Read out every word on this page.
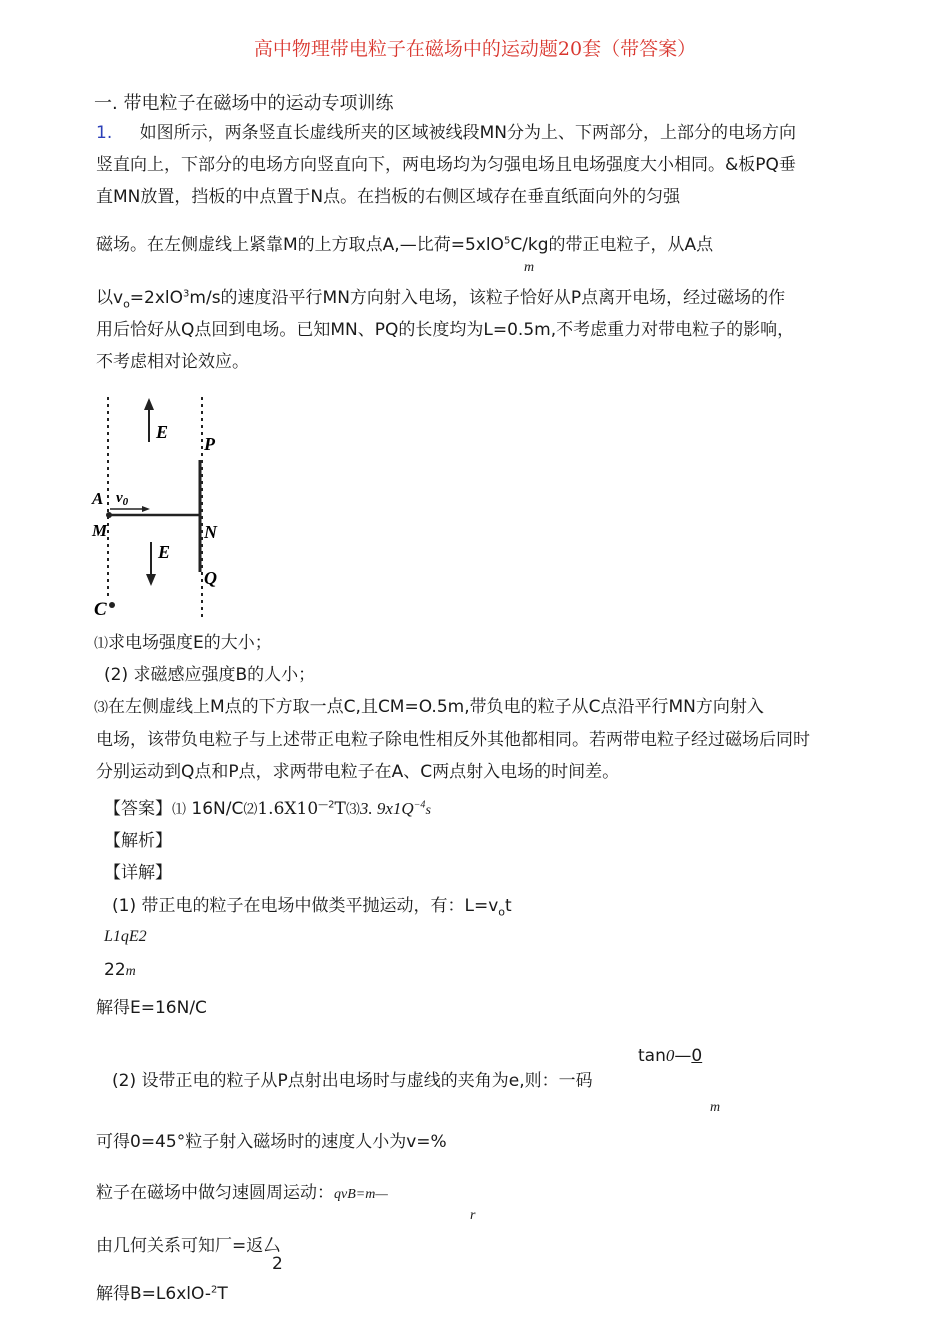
高中物理带电粒子在磁场中的运动题20套（带答案）
一. 带电粒子在磁场中的运动专项训练
1. 如图所示，两条竖直长虚线所夹的区域被线段MN分为上、下两部分，上部分的电场方向
竖直向上，下部分的电场方向竖直向下，两电场均为匀强电场且电场强度大小相同。&板PQ垂
直MN放置，挡板的中点置于N点。在挡板的右侧区域存在垂直纸面向外的匀强
磁场。在左侧虚线上紧靠M的上方取点A,—比荷=5xlO$^5$C/kg的带正电粒子，从A点
m
以$v_o=2xlO^3m/s$的速度沿平行MN方向射入电场，该粒子恰好从P点离开电场，经过磁场的作
用后恰好从Q点回到电场。已知MN、PQ的长度均为L=0.5m,不考虑重力对带电粒子的影响，
不考虑相对论效应。
E
P
A $v_0$
M	N
E
Q
C
⑴求电场强度E的大小；
(2) 求磁感应强度B的人小；
⑶在左侧虚线上M点的下方取一点C,且CM=O.5m,带负电的粒子从C点沿平行MN方向射入
电场，该带负电粒子与上述带正电粒子除电性相反外其他都相同。若两带电粒子经过磁场后同时
分别运动到Q点和P点，求两带电粒子在A、C两点射入电场的时间差。
【答案】⑴ $16N/C⑵1.6X10^{—2}T⑶3$. $9x1Q^{-4}s$
【解析】
【详解】
(1) 带正电的粒子在电场中做类平抛运动，有：$L=v_ot$
L1qE2
22m
解得E=16N/C
tan0—0
(2) 设带正电的粒子从P点射出电场时与虚线的夹角为e,则：一码
m
可得0=45°粒子射入磁场时的速度人小为v=%
粒子在磁场中做匀速圆周运动：qvB=m—
r
由几何关系可知厂=返厶
2
解得B=L6xlO-$^2$T
